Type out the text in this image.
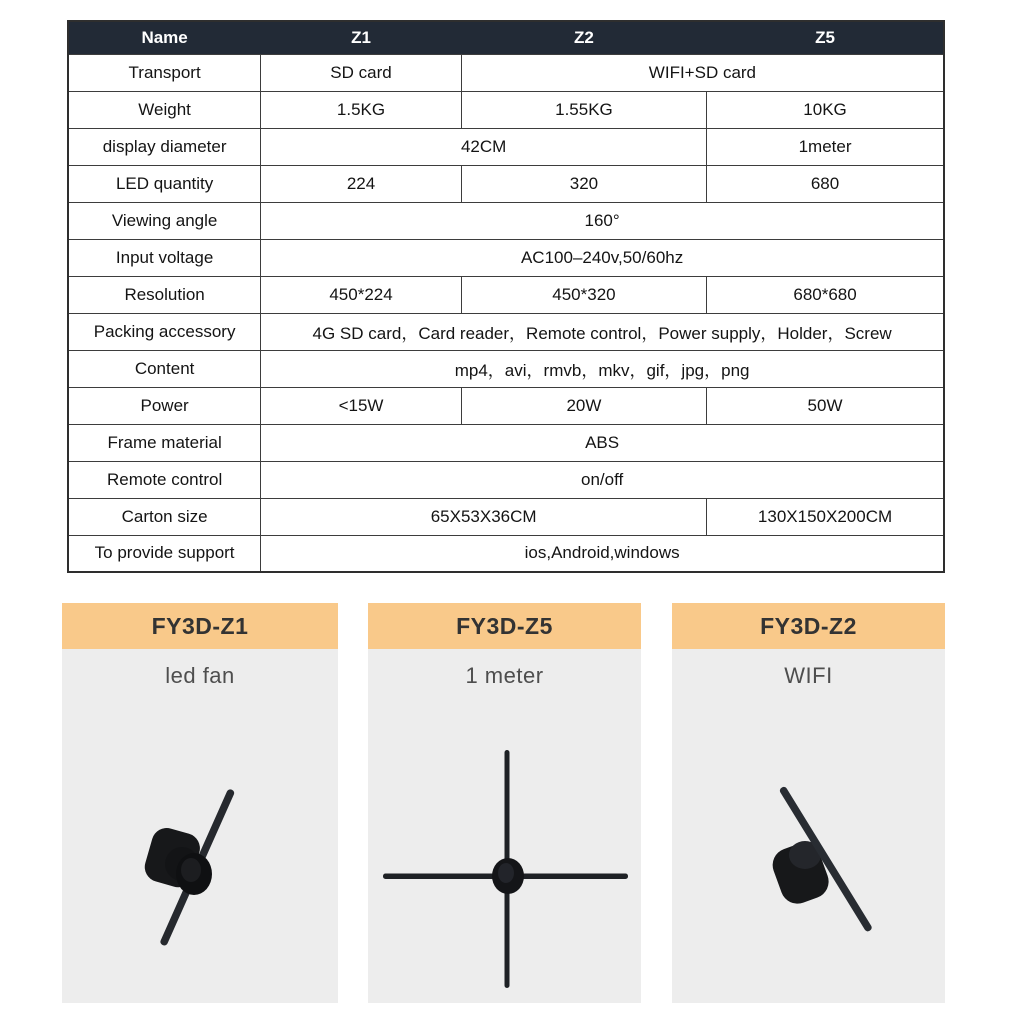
Name	Z1	Z2	Z5
Transport	SD card	WIFI+SD card	
Weight	1.5KG	1.55KG	10KG
display diameter	42CM		1meter
LED quantity	224	320	680
Viewing angle	160°		
Input voltage	AC100–240v,50/60hz		
Resolution	450*224	450*320	680*680
Packing accessory	4G SD card，Card reader，Remote control，Power supply，Holder，Screw		
Content	mp4，avi，rmvb，mkv，gif，jpg，png		
Power	<15W	20W	50W
Frame material	ABS		
Remote control	on/off		
Carton size	65X53X36CM		130X150X200CM
To provide support	ios,Android,windows		
FY3D-Z1
led fan
FY3D-Z5
1 meter
FY3D-Z2
WIFI
